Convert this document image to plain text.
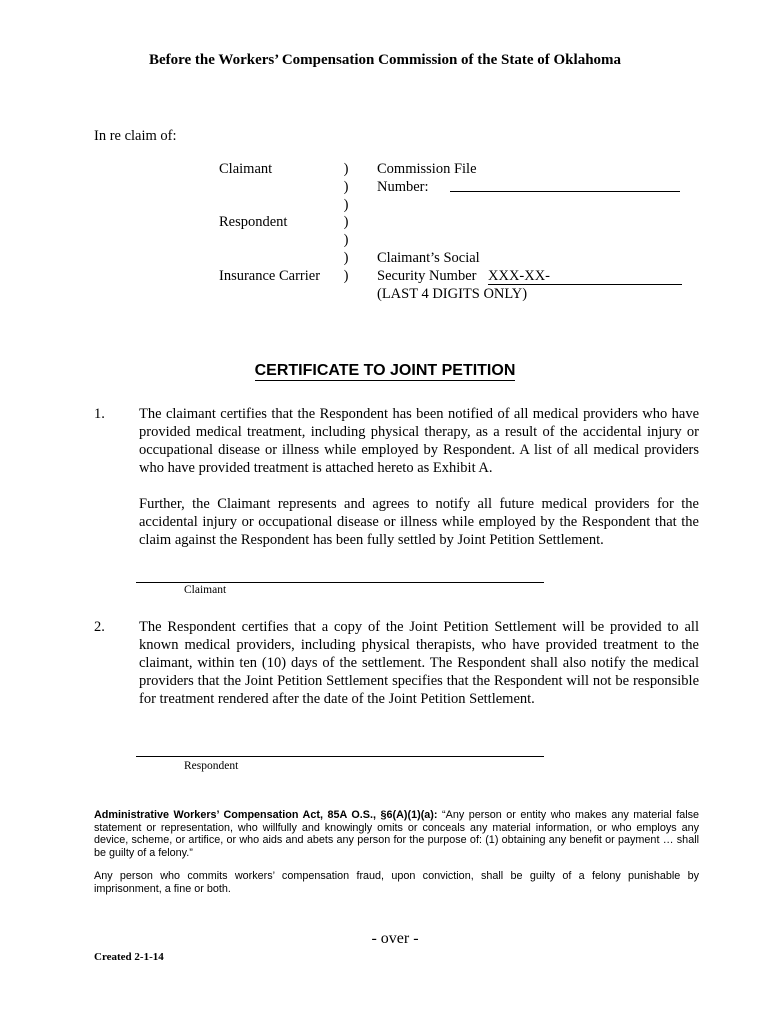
Before the Workers’ Compensation Commission of the State of Oklahoma
In re claim of:
Claimant
Respondent
Insurance Carrier
)
)
)
)
)
)
)
Commission File
Number:
Claimant’s Social
Security Number XXX-XX-
(LAST 4 DIGITS ONLY)
CERTIFICATE TO JOINT PETITION
1. The claimant certifies that the Respondent has been notified of all medical providers who have provided medical treatment, including physical therapy, as a result of the accidental injury or occupational disease or illness while employed by Respondent. A list of all medical providers who have provided treatment is attached hereto as Exhibit A.
Further, the Claimant represents and agrees to notify all future medical providers for the accidental injury or occupational disease or illness while employed by the Respondent that the claim against the Respondent has been fully settled by Joint Petition Settlement.
Claimant
2. The Respondent certifies that a copy of the Joint Petition Settlement will be provided to all known medical providers, including physical therapists, who have provided treatment to the claimant, within ten (10) days of the settlement. The Respondent shall also notify the medical providers that the Joint Petition Settlement specifies that the Respondent will not be responsible for treatment rendered after the date of the Joint Petition Settlement.
Respondent
Administrative Workers’ Compensation Act, 85A O.S., §6(A)(1)(a): “Any person or entity who makes any material false statement or representation, who willfully and knowingly omits or conceals any material information, or who employs any device, scheme, or artifice, or who aids and abets any person for the purpose of: (1) obtaining any benefit or payment … shall be guilty of a felony.”
Any person who commits workers’ compensation fraud, upon conviction, shall be guilty of a felony punishable by imprisonment, a fine or both.
- over -
Created 2-1-14
